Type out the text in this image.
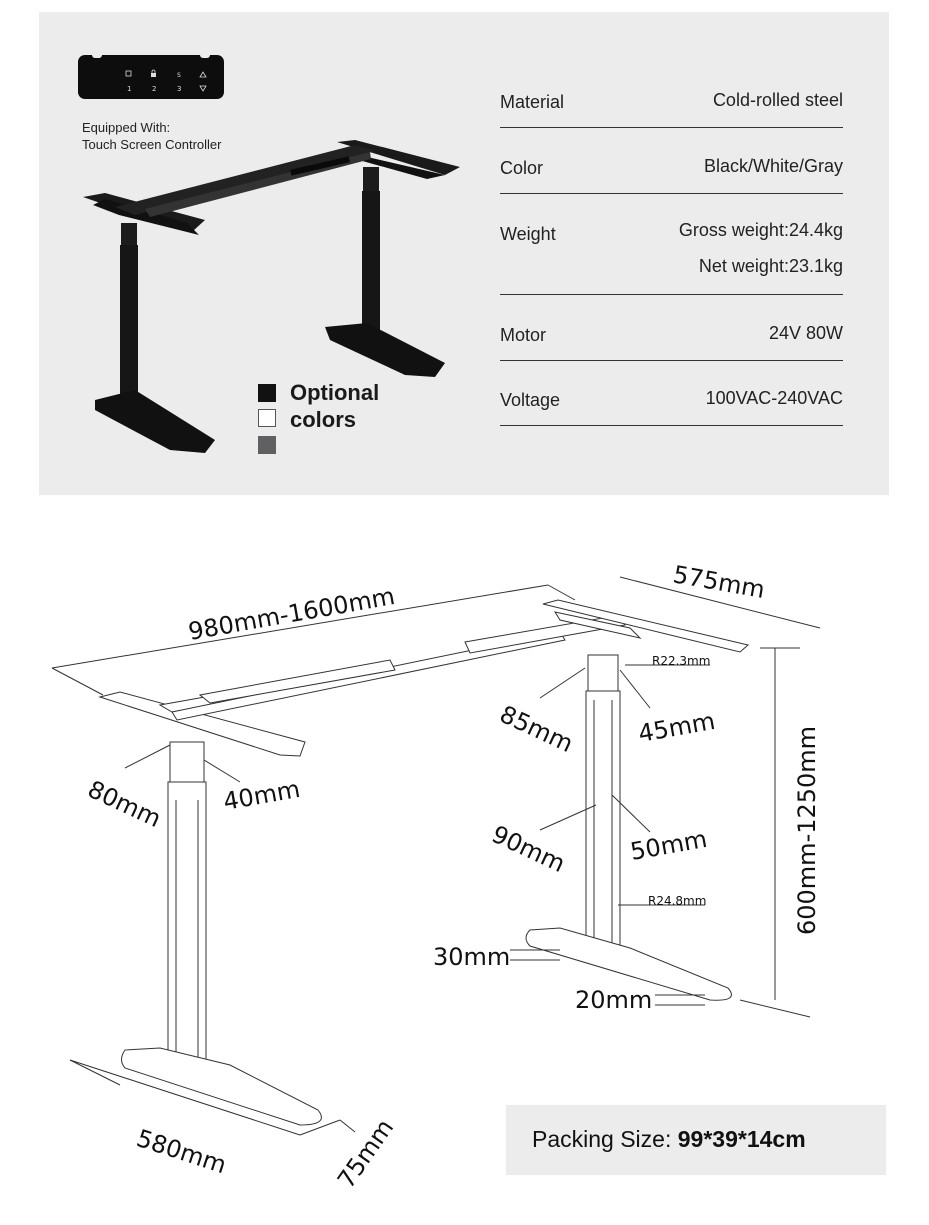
S
1	2	3
Equipped With:
Touch Screen Controller
Optional
colors
Material	Cold-rolled steel
Color	Black/White/Gray
Weight	Gross weight:24.4kg
Net weight:23.1kg
Motor	24V 80W
Voltage	100VAC-240VAC
980mm-1600mm	575mm
600mm-1250mm
R22.3mm
R24.8mm
85mm 45mm
90mm 50mm
80mm 40mm
30mm
20mm
580mm	75mm	Packing Size: 99*39*14cm
